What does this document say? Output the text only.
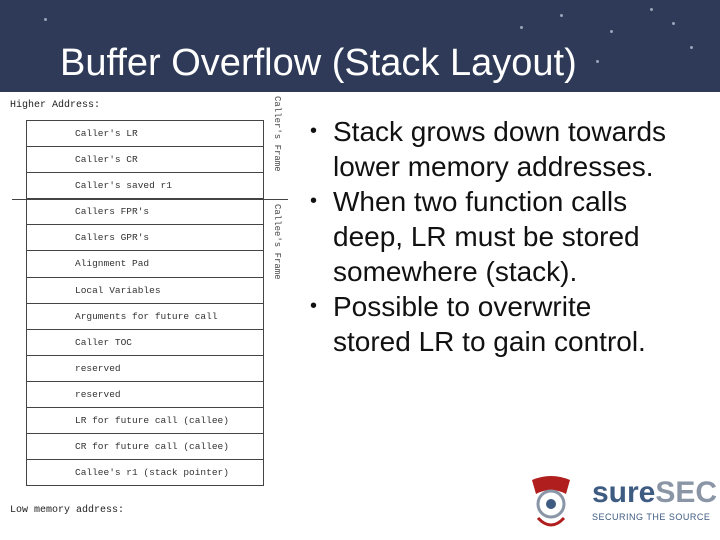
Buffer Overflow (Stack Layout)
Higher Address:
Caller's LR
Caller's CR
Caller's saved r1
Callers FPR's
Callers GPR's
Alignment Pad
Local Variables
Arguments for future call
Caller TOC
reserved
reserved
LR for future call (callee)
CR for future call (callee)
Callee's r1 (stack pointer)
Caller's Frame
Callee's Frame
Low memory address:
• Stack grows down towards lower memory addresses.
• When two function calls deep, LR must be stored somewhere (stack).
• Possible to overwrite stored LR to gain control.
sureSEC
SECURING THE SOURCE
